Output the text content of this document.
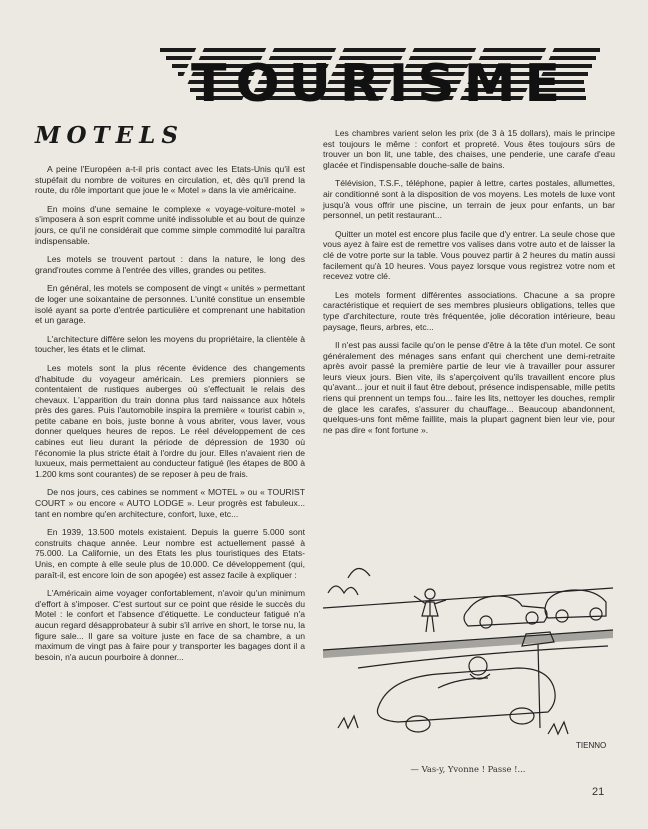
TOURISME
MOTELS

A peine l'Européen a-t-il pris contact avec les Etats-Unis qu'il est stupéfait du nombre de voitures en circulation, et, dès qu'il prend la route, du rôle important que joue le « Motel » dans la vie américaine.

En moins d'une semaine le complexe « voyage-voiture-motel » s'imposera à son esprit comme unité indissoluble et au bout de quinze jours, ce qu'il ne considérait que comme simple commodité lui paraîtra indispensable.

Les motels se trouvent partout : dans la nature, le long des grand'routes comme à l'entrée des villes, grandes ou petites.

En général, les motels se composent de vingt « unités » permettant de loger une soixantaine de personnes. L'unité constitue un ensemble isolé ayant sa porte d'entrée particulière et comprenant une habitation et un garage.

L'architecture diffère selon les moyens du propriétaire, la clientèle à toucher, les états et le climat.

Les motels sont la plus récente évidence des changements d'habitude du voyageur américain. Les premiers pionniers se contentaient de rustiques auberges où s'effectuait le relais des chevaux. L'apparition du train donna plus tard naissance aux hôtels près des gares. Puis l'automobile inspira la première « tourist cabin », petite cabane en bois, juste bonne à vous abriter, vous laver, vous donner quelques heures de repos. Le réel développement de ces cabines eut lieu durant la période de dépression de 1930 où l'économie la plus stricte était à l'ordre du jour. Elles n'avaient rien de luxueux, mais permettaient au conducteur fatigué (les étapes de 800 à 1.200 kms sont courantes) de se reposer à peu de frais.

De nos jours, ces cabines se nomment « MOTEL » ou « TOURIST COURT » ou encore « AUTO LODGE ». Leur progrès est fabuleux... tant en nombre qu'en architecture, confort, luxe, etc...

En 1939, 13.500 motels existaient. Depuis la guerre 5.000 sont construits chaque année. Leur nombre est actuellement passé à 75.000. La Californie, un des Etats les plus touristiques des Etats-Unis, en compte à elle seule plus de 10.000. Ce développement (qui, paraît-il, est encore loin de son apogée) est assez facile à expliquer :

L'Américain aime voyager confortablement, n'avoir qu'un minimum d'effort à s'imposer. C'est surtout sur ce point que réside le succès du Motel : le confort et l'absence d'étiquette. Le conducteur fatigué n'a aucun regard désapprobateur à subir s'il arrive en short, le torse nu, la figure sale... Il gare sa voiture juste en face de sa chambre, a un maximum de vingt pas à faire pour y transporter les bagages dont il a besoin, n'a aucun pourboire à donner...

Les chambres varient selon les prix (de 3 à 15 dollars), mais le principe est toujours le même : confort et propreté. Vous êtes toujours sûrs de trouver un bon lit, une table, des chaises, une penderie, une carafe d'eau glacée et l'indispensable douche-salle de bains.

Télévision, T.S.F., téléphone, papier à lettre, cartes postales, allumettes, air conditionné sont à la disposition de vos moyens. Les motels de luxe vont jusqu'à vous offrir une piscine, un terrain de jeux pour enfants, un bar personnel, un petit restaurant...

Quitter un motel est encore plus facile que d'y entrer. La seule chose que vous ayez à faire est de remettre vos valises dans votre auto et de laisser la clé de votre porte sur la table. Vous pouvez partir à 2 heures du matin aussi facilement qu'à 10 heures. Vous payez lorsque vous registrez votre nom et recevez votre clé.

Les motels forment différentes associations. Chacune a sa propre caractéristique et requiert de ses membres plusieurs obligations, telles que type d'architecture, route très fréquentée, jolie décoration intérieure, beau paysage, fleurs, arbres, etc...

Il n'est pas aussi facile qu'on le pense d'être à la tête d'un motel. Ce sont généralement des ménages sans enfant qui cherchent une demi-retraite après avoir passé la première partie de leur vie à travailler pour assurer leurs vieux jours. Bien vite, ils s'aperçoivent qu'ils travaillent encore plus qu'avant... jour et nuit il faut être debout, présence indispensable, mille petits riens qui prennent un temps fou... faire les lits, nettoyer les douches, remplir de glace les carafes, s'assurer du chauffage... Beaucoup abandonnent, quelques-uns font même faillite, mais la plupart gagnent bien leur vie, pour ne pas dire « font fortune ».

TIENNO
— Vas-y, Yvonne ! Passe !...
21
